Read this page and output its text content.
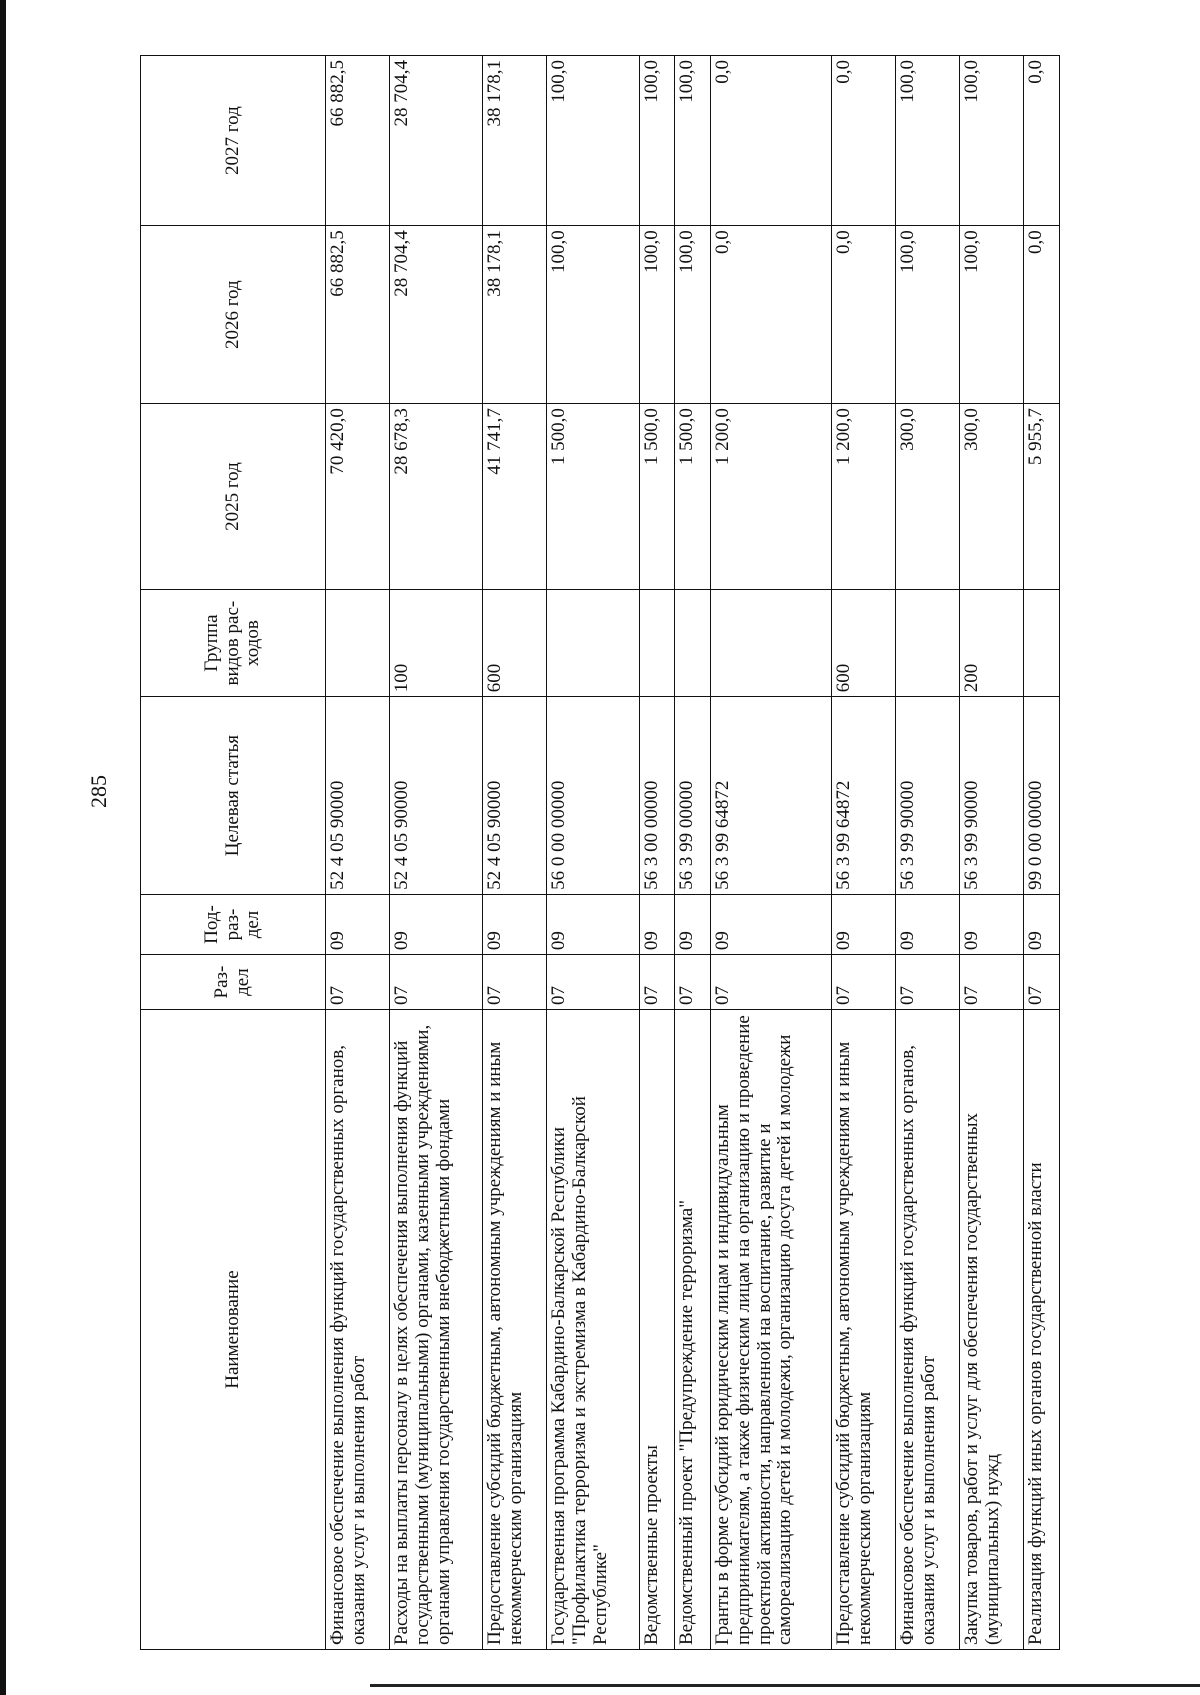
285
Наименование	Раз-дел	Под-раз-дел	Целевая статья	Группа видов рас-ходов	2025 год	2026 год	2027 год
Финансовое обеспечение выполнения функций государственных органов, оказания услуг и выполнения работ	07	09	52 4 05 90000		70 420,0	66 882,5	66 882,5
Расходы на выплаты персоналу в целях обеспечения выполнения функций государственными (муниципальными) органами, казенными учреждениями, органами управления государственными внебюджетными фондами	07	09	52 4 05 90000	100	28 678,3	28 704,4	28 704,4
Предоставление субсидий бюджетным, автономным учреждениям и иным некоммерческим организациям	07	09	52 4 05 90000	600	41 741,7	38 178,1	38 178,1
Государственная программа Кабардино-Балкарской Республики "Профилактика терроризма и экстремизма в Кабардино-Балкарской Республике"	07	09	56 0 00 00000		1 500,0	100,0	100,0
Ведомственные проекты	07	09	56 3 00 00000		1 500,0	100,0	100,0
Ведомственный проект "Предупреждение терроризма"	07	09	56 3 99 00000		1 500,0	100,0	100,0
Гранты в форме субсидий юридическим лицам и индивидуальным предпринимателям, а также физическим лицам на организацию и проведение проектной активности, направленной на воспитание, развитие и самореализацию детей и молодежи, организацию досуга детей и молодежи	07	09	56 3 99 64872		1 200,0	0,0	0,0
Предоставление субсидий бюджетным, автономным учреждениям и иным некоммерческим организациям	07	09	56 3 99 64872	600	1 200,0	0,0	0,0
Финансовое обеспечение выполнения функций государственных органов, оказания услуг и выполнения работ	07	09	56 3 99 90000		300,0	100,0	100,0
Закупка товаров, работ и услуг для обеспечения государственных (муниципальных) нужд	07	09	56 3 99 90000	200	300,0	100,0	100,0
Реализация функций иных органов государственной власти	07	09	99 0 00 00000		5 955,7	0,0	0,0
